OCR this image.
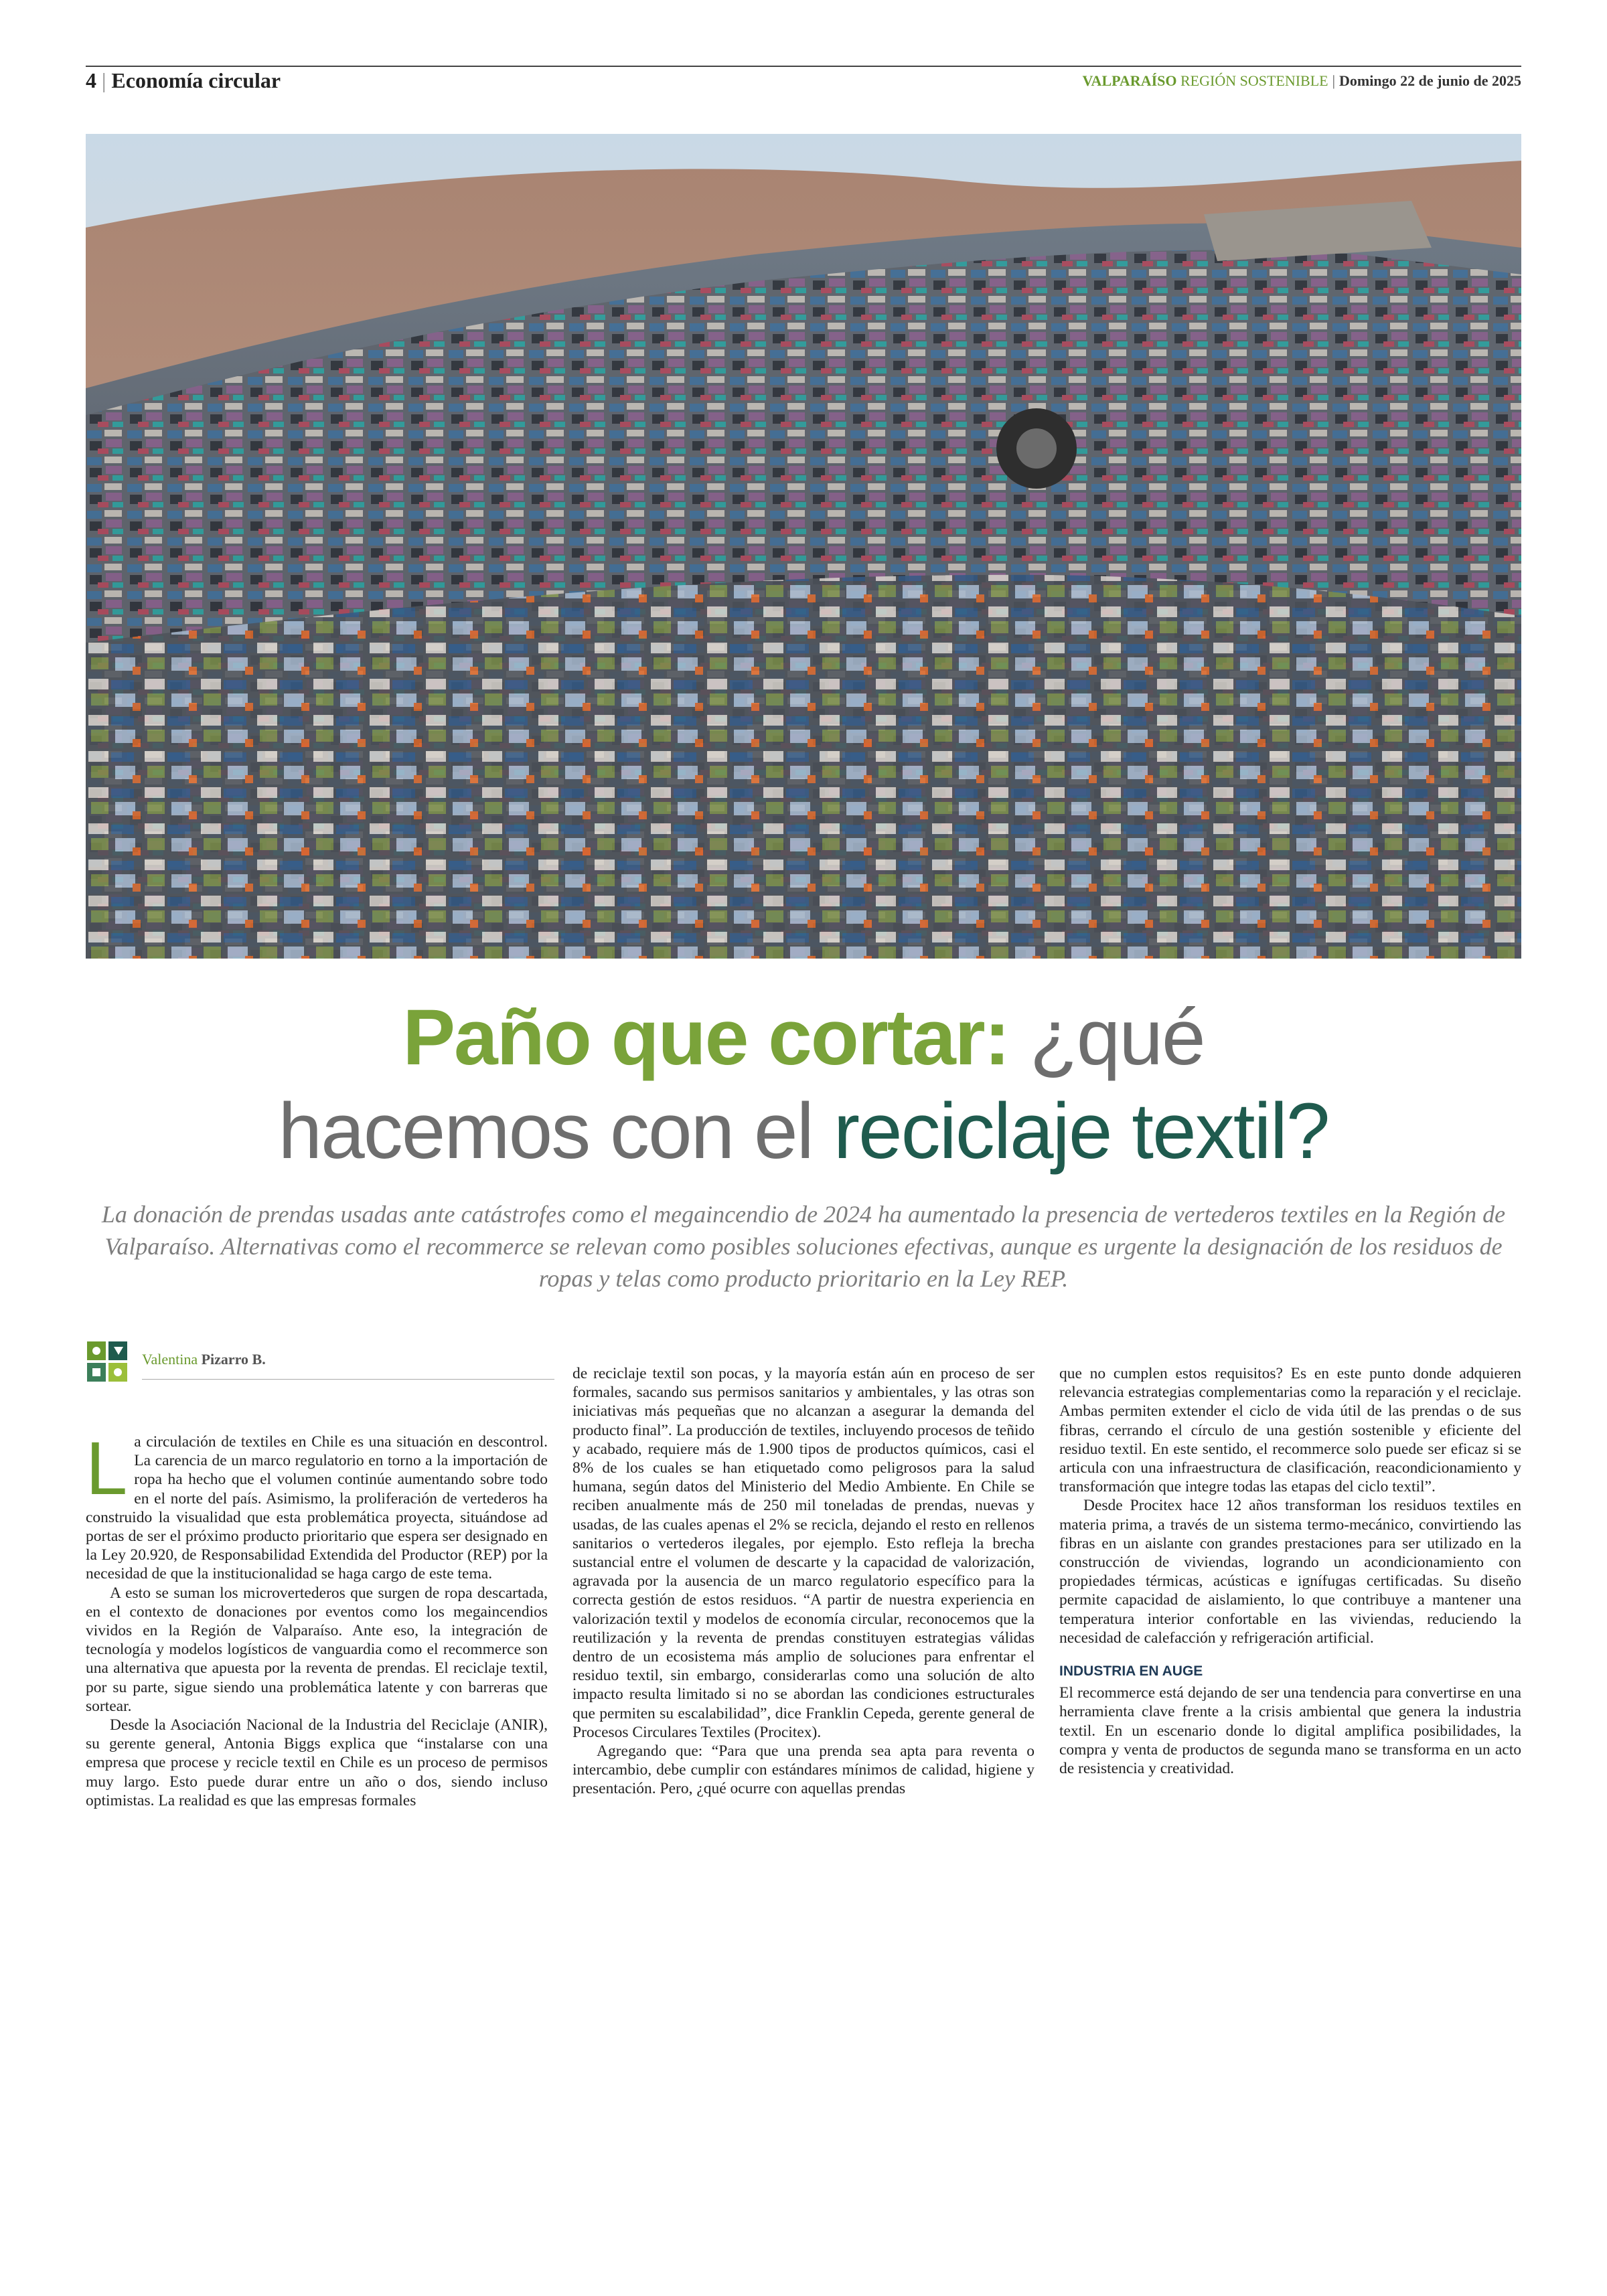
4 | Economía circular	VALPARAÍSO REGIÓN SOSTENIBLE | Domingo 22 de junio de 2025
Paño que cortar: ¿qué
hacemos con el reciclaje textil?
La donación de prendas usadas ante catástrofes como el megaincendio de 2024 ha aumentado la presencia de vertederos textiles en la Región de Valparaíso. Alternativas como el recommerce se relevan como posibles soluciones efectivas, aunque es urgente la designación de los residuos de ropas y telas como producto prioritario en la Ley REP.
Valentina Pizarro B.

La circulación de textiles en Chile es una situación en descontrol. La carencia de un marco regulatorio en torno a la importación de ropa ha hecho que el volumen continúe aumentando sobre todo en el norte del país. Asimismo, la proliferación de vertederos ha construido la visualidad que esta problemática proyecta, situándose ad portas de ser el próximo producto prioritario que espera ser designado en la Ley 20.920, de Responsabilidad Extendida del Productor (REP) por la necesidad de que la institucionalidad se haga cargo de este tema.

A esto se suman los microvertederos que surgen de ropa descartada, en el contexto de donaciones por eventos como los megaincendios vividos en la Región de Valparaíso. Ante eso, la integración de tecnología y modelos logísticos de vanguardia como el recommerce son una alternativa que apuesta por la reventa de prendas. El reciclaje textil, por su parte, sigue siendo una problemática latente y con barreras que sortear.

Desde la Asociación Nacional de la Industria del Reciclaje (ANIR), su gerente general, Antonia Biggs explica que “instalarse con una empresa que procese y recicle textil en Chile es un proceso de permisos muy largo. Esto puede durar entre un año o dos, siendo incluso optimistas. La realidad es que las empresas formales

de reciclaje textil son pocas, y la mayoría están aún en proceso de ser formales, sacando sus permisos sanitarios y ambientales, y las otras son iniciativas más pequeñas que no alcanzan a asegurar la demanda del producto final”. La producción de textiles, incluyendo procesos de teñido y acabado, requiere más de 1.900 tipos de productos químicos, casi el 8% de los cuales se han etiquetado como peligrosos para la salud humana, según datos del Ministerio del Medio Ambiente. En Chile se reciben anualmente más de 250 mil toneladas de prendas, nuevas y usadas, de las cuales apenas el 2% se recicla, dejando el resto en rellenos sanitarios o vertederos ilegales, por ejemplo. Esto refleja la brecha sustancial entre el volumen de descarte y la capacidad de valorización, agravada por la ausencia de un marco regulatorio específico para la correcta gestión de estos residuos. “A partir de nuestra experiencia en valorización textil y modelos de economía circular, reconocemos que la reutilización y la reventa de prendas constituyen estrategias válidas dentro de un ecosistema más amplio de soluciones para enfrentar el residuo textil, sin embargo, considerarlas como una solución de alto impacto resulta limitado si no se abordan las condiciones estructurales que permiten su escalabilidad”, dice Franklin Cepeda, gerente general de Procesos Circulares Textiles (Procitex).

Agregando que: “Para que una prenda sea apta para reventa o intercambio, debe cumplir con estándares mínimos de calidad, higiene y presentación. Pero, ¿qué ocurre con aquellas prendas

que no cumplen estos requisitos? Es en este punto donde adquieren relevancia estrategias complementarias como la reparación y el reciclaje. Ambas permiten extender el ciclo de vida útil de las prendas o de sus fibras, cerrando el círculo de una gestión sostenible y eficiente del residuo textil. En este sentido, el recommerce solo puede ser eficaz si se articula con una infraestructura de clasificación, reacondicionamiento y transformación que integre todas las etapas del ciclo textil”.

Desde Procitex hace 12 años transforman los residuos textiles en materia prima, a través de un sistema termo-mecánico, convirtiendo las fibras en un aislante con grandes prestaciones para ser utilizado en la construcción de viviendas, logrando un acondicionamiento con propiedades térmicas, acústicas e ignífugas certificadas. Su diseño permite capacidad de aislamiento, lo que contribuye a mantener una temperatura interior confortable en las viviendas, reduciendo la necesidad de calefacción y refrigeración artificial.

INDUSTRIA EN AUGE

El recommerce está dejando de ser una tendencia para convertirse en una herramienta clave frente a la crisis ambiental que genera la industria textil. En un escenario donde lo digital amplifica posibilidades, la compra y venta de productos de segunda mano se transforma en un acto de resistencia y creatividad.
